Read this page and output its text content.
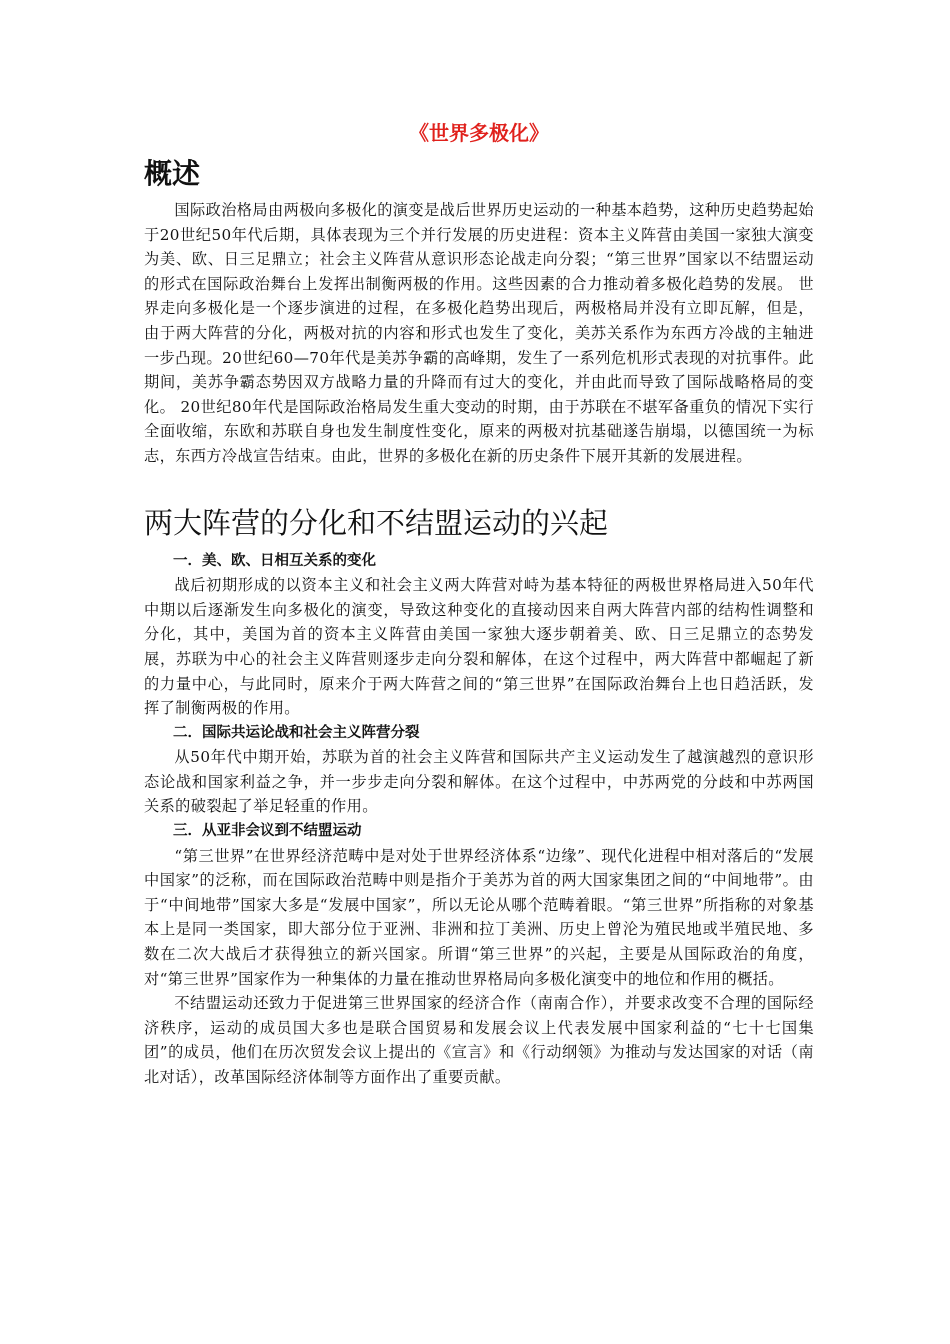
《世界多极化》
概述

国际政治格局由两极向多极化的演变是战后世界历史运动的一种基本趋势，这种历史趋势起始于20世纪50年代后期，具体表现为三个并行发展的历史进程：资本主义阵营由美国一家独大演变为美、欧、日三足鼎立；社会主义阵营从意识形态论战走向分裂；“第三世界”国家以不结盟运动的形式在国际政治舞台上发挥出制衡两极的作用。这些因素的合力推动着多极化趋势的发展。 世界走向多极化是一个逐步演进的过程，在多极化趋势出现后，两极格局并没有立即瓦解，但是，由于两大阵营的分化，两极对抗的内容和形式也发生了变化，美苏关系作为东西方冷战的主轴进一步凸现。20世纪60—70年代是美苏争霸的高峰期，发生了一系列危机形式表现的对抗事件。此期间，美苏争霸态势因双方战略力量的升降而有过大的变化，并由此而导致了国际战略格局的变化。 20世纪80年代是国际政治格局发生重大变动的时期，由于苏联在不堪军备重负的情况下实行全面收缩，东欧和苏联自身也发生制度性变化，原来的两极对抗基础遂告崩塌，以德国统一为标志，东西方冷战宣告结束。由此，世界的多极化在新的历史条件下展开其新的发展进程。

两大阵营的分化和不结盟运动的兴起
一．美、欧、日相互关系的变化

战后初期形成的以资本主义和社会主义两大阵营对峙为基本特征的两极世界格局进入50年代中期以后逐渐发生向多极化的演变，导致这种变化的直接动因来自两大阵营内部的结构性调整和分化，其中，美国为首的资本主义阵营由美国一家独大逐步朝着美、欧、日三足鼎立的态势发展，苏联为中心的社会主义阵营则逐步走向分裂和解体，在这个过程中，两大阵营中都崛起了新的力量中心，与此同时，原来介于两大阵营之间的“第三世界”在国际政治舞台上也日趋活跃，发挥了制衡两极的作用。

二．国际共运论战和社会主义阵营分裂

从50年代中期开始，苏联为首的社会主义阵营和国际共产主义运动发生了越演越烈的意识形态论战和国家利益之争，并一步步走向分裂和解体。在这个过程中，中苏两党的分歧和中苏两国关系的破裂起了举足轻重的作用。

三．从亚非会议到不结盟运动

“第三世界”在世界经济范畴中是对处于世界经济体系“边缘”、现代化进程中相对落后的“发展中国家”的泛称，而在国际政治范畴中则是指介于美苏为首的两大国家集团之间的“中间地带”。由于“中间地带”国家大多是“发展中国家”，所以无论从哪个范畴着眼。“第三世界”所指称的对象基本上是同一类国家，即大部分位于亚洲、非洲和拉丁美洲、历史上曾沦为殖民地或半殖民地、多数在二次大战后才获得独立的新兴国家。所谓“第三世界”的兴起，主要是从国际政治的角度，对“第三世界”国家作为一种集体的力量在推动世界格局向多极化演变中的地位和作用的概括。

不结盟运动还致力于促进第三世界国家的经济合作（南南合作），并要求改变不合理的国际经济秩序，运动的成员国大多也是联合国贸易和发展会议上代表发展中国家利益的“七十七国集团”的成员，他们在历次贸发会议上提出的《宣言》和《行动纲领》为推动与发达国家的对话（南北对话），改革国际经济体制等方面作出了重要贡献。
